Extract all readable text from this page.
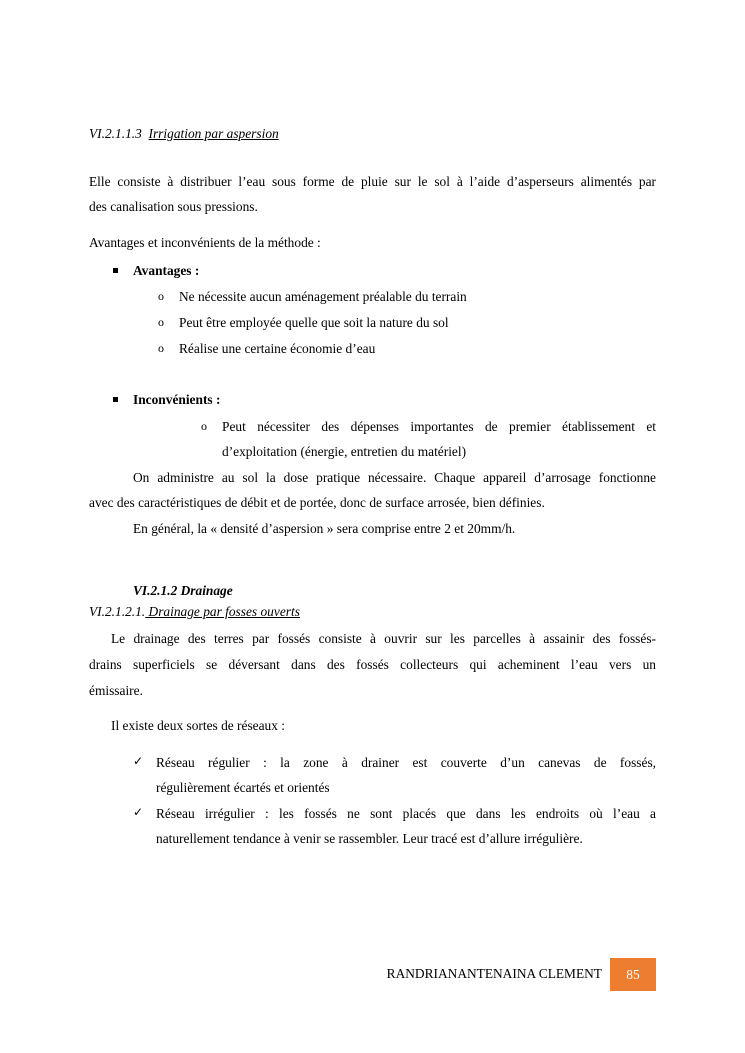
VI.2.1.1.3 Irrigation par aspersion
Elle consiste à distribuer l’eau sous forme de pluie sur le sol à l’aide d’asperseurs alimentés par
des canalisation sous pressions.
Avantages et inconvénients de la méthode :
Avantages :
o Ne nécessite aucun aménagement préalable du terrain
o Peut être employée quelle que soit la nature du sol
o Réalise une certaine économie d’eau
Inconvénients :
o Peut nécessiter des dépenses importantes de premier établissement et
d’exploitation (énergie, entretien du matériel)
On administre au sol la dose pratique nécessaire. Chaque appareil d’arrosage fonctionne
avec des caractéristiques de débit et de portée, donc de surface arrosée, bien définies.
En général, la « densité d’aspersion » sera comprise entre 2 et 20mm/h.
VI.2.1.2 Drainage
VI.2.1.2.1. Drainage par fosses ouverts
Le drainage des terres par fossés consiste à ouvrir sur les parcelles à assainir des fossés-
drains superficiels se déversant dans des fossés collecteurs qui acheminent l’eau vers un
émissaire.
Il existe deux sortes de réseaux :
✓ Réseau régulier : la zone à drainer est couverte d’un canevas de fossés,
régulièrement écartés et orientés
✓ Réseau irrégulier : les fossés ne sont placés que dans les endroits où l’eau a
naturellement tendance à venir se rassembler. Leur tracé est d’allure irrégulière.
RANDRIANANTENAINA CLEMENT	85
